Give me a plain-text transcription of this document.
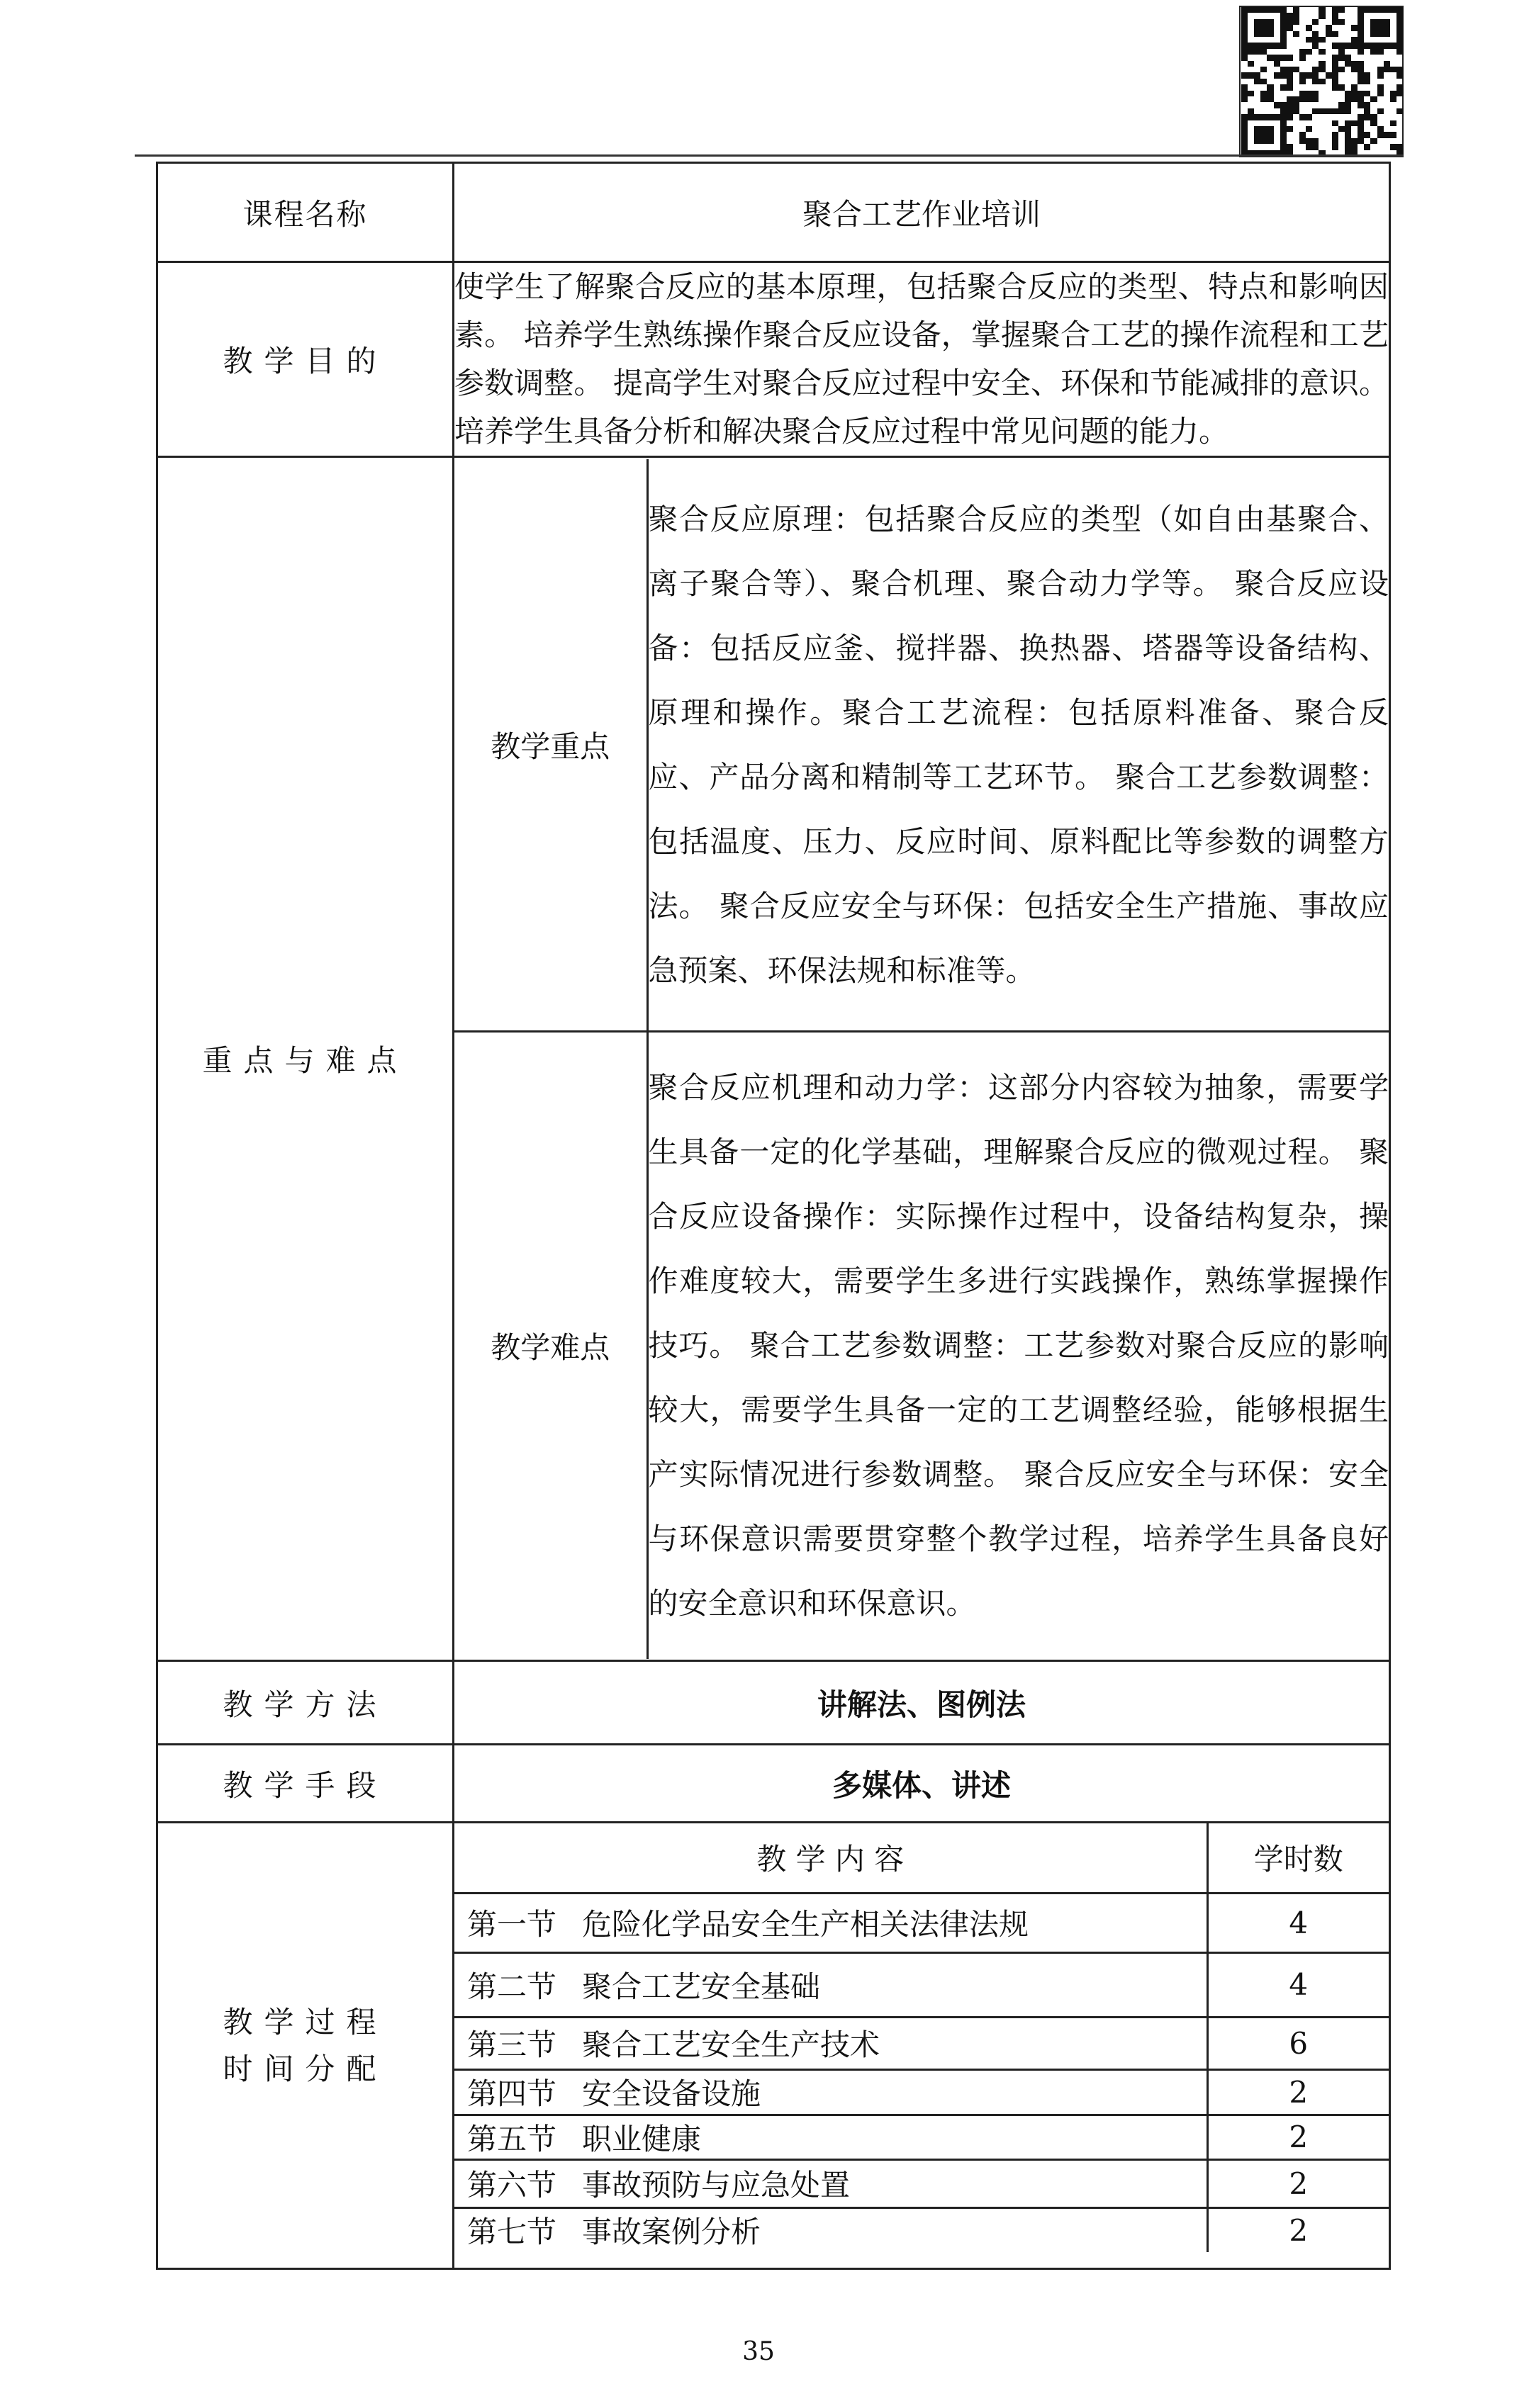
课程名称	聚合工艺作业培训
教学目的	使学生了解聚合反应的基本原理，包括聚合反应的类型、特点和影响因素。 培养学生熟练操作聚合反应设备，掌握聚合工艺的操作流程和工艺参数调整。 提高学生对聚合反应过程中安全、环保和节能减排的意识。培养学生具备分析和解决聚合反应过程中常见问题的能力。
重点与难点	
教学重点	聚合反应原理：包括聚合反应的类型（如自由基聚合、离子聚合等）、聚合机理、聚合动力学等。 聚合反应设备：包括反应釜、搅拌器、换热器、塔器等设备结构、原理和操作。聚合工艺流程：包括原料准备、聚合反应、产品分离和精制等工艺环节。 聚合工艺参数调整：包括温度、压力、反应时间、原料配比等参数的调整方法。 聚合反应安全与环保：包括安全生产措施、事故应急预案、环保法规和标准等。
教学难点	聚合反应机理和动力学：这部分内容较为抽象，需要学生具备一定的化学基础，理解聚合反应的微观过程。 聚合反应设备操作：实际操作过程中，设备结构复杂，操作难度较大，需要学生多进行实践操作，熟练掌握操作技巧。 聚合工艺参数调整：工艺参数对聚合反应的影响较大，需要学生具备一定的工艺调整经验，能够根据生产实际情况进行参数调整。 聚合反应安全与环保：安全与环保意识需要贯穿整个教学过程，培养学生具备良好的安全意识和环保意识。

教学方法	讲解法、图例法
教学手段	多媒体、讲述

教学过程
时间分配

教 学 内 容	学时数
第一节 危险化学品安全生产相关法律法规	4
第二节 聚合工艺安全基础	4
第三节 聚合工艺安全生产技术	6
第四节 安全设备设施	2
第五节 职业健康	2
第六节 事故预防与应急处置	2
第七节 事故案例分析	2
35
